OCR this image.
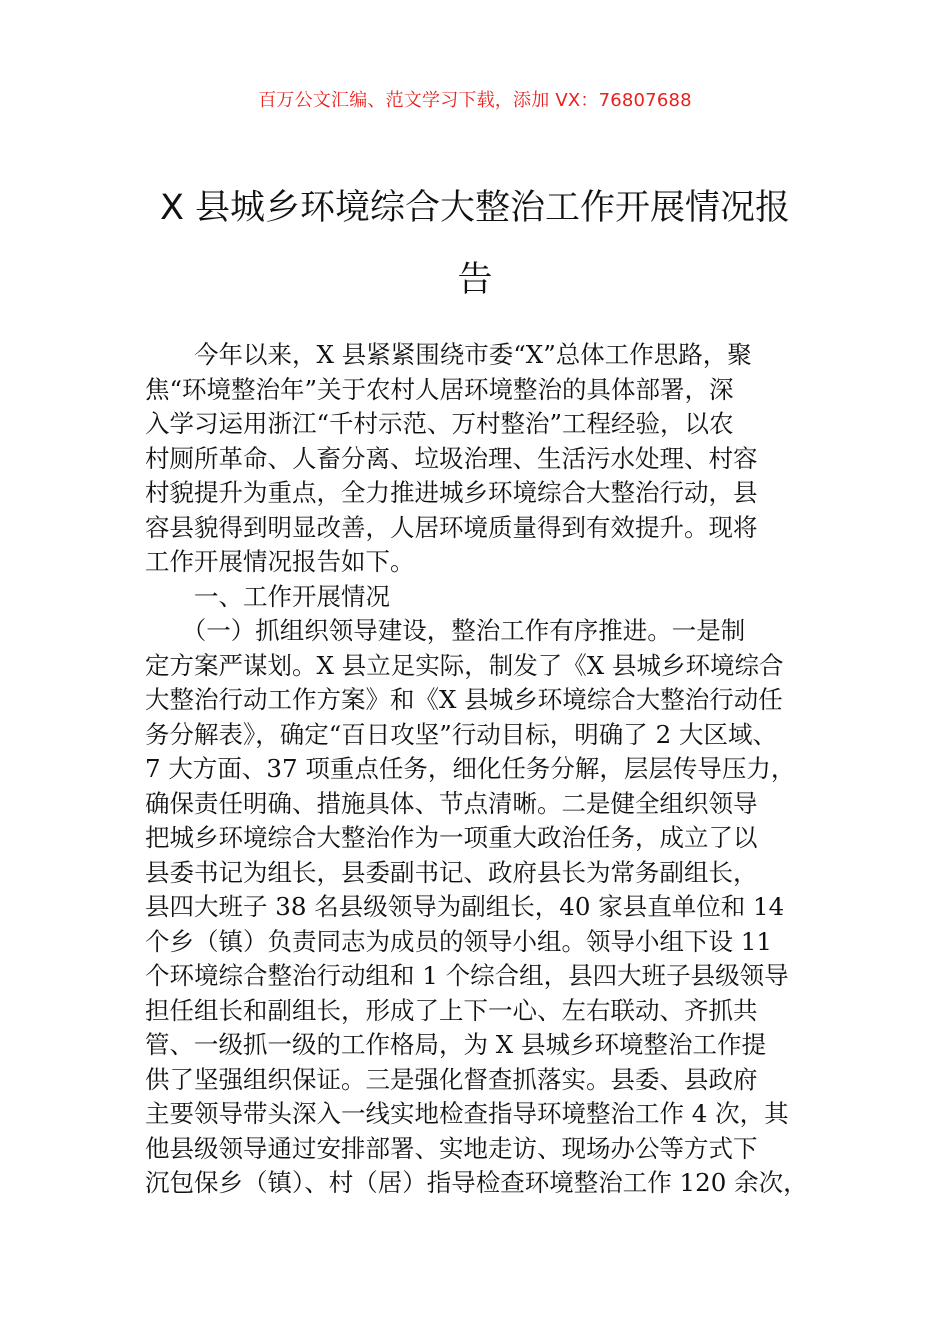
百万公文汇编、范文学习下载，添加 VX：76807688
X 县城乡环境综合大整治工作开展情况报
告
　　今年以来，X 县紧紧围绕市委“X”总体工作思路，聚
焦“环境整治年”关于农村人居环境整治的具体部署，深
入学习运用浙江“千村示范、万村整治”工程经验，以农
村厕所革命、人畜分离、垃圾治理、生活污水处理、村容
村貌提升为重点，全力推进城乡环境综合大整治行动，县
容县貌得到明显改善，人居环境质量得到有效提升。现将
工作开展情况报告如下。
　　一、工作开展情况
　　（一）抓组织领导建设，整治工作有序推进。一是制
定方案严谋划。X 县立足实际，制发了《X 县城乡环境综合
大整治行动工作方案》和《X 县城乡环境综合大整治行动任
务分解表》，确定“百日攻坚”行动目标，明确了 2 大区域、
7 大方面、37 项重点任务，细化任务分解，层层传导压力，
确保责任明确、措施具体、节点清晰。二是健全组织领导
把城乡环境综合大整治作为一项重大政治任务，成立了以
县委书记为组长，县委副书记、政府县长为常务副组长，
县四大班子 38 名县级领导为副组长，40 家县直单位和 14
个乡（镇）负责同志为成员的领导小组。领导小组下设 11
个环境综合整治行动组和 1 个综合组，县四大班子县级领导
担任组长和副组长，形成了上下一心、左右联动、齐抓共
管、一级抓一级的工作格局，为 X 县城乡环境整治工作提
供了坚强组织保证。三是强化督查抓落实。县委、县政府
主要领导带头深入一线实地检查指导环境整治工作 4 次，其
他县级领导通过安排部署、实地走访、现场办公等方式下
沉包保乡（镇）、村（居）指导检查环境整治工作 120 余次，
